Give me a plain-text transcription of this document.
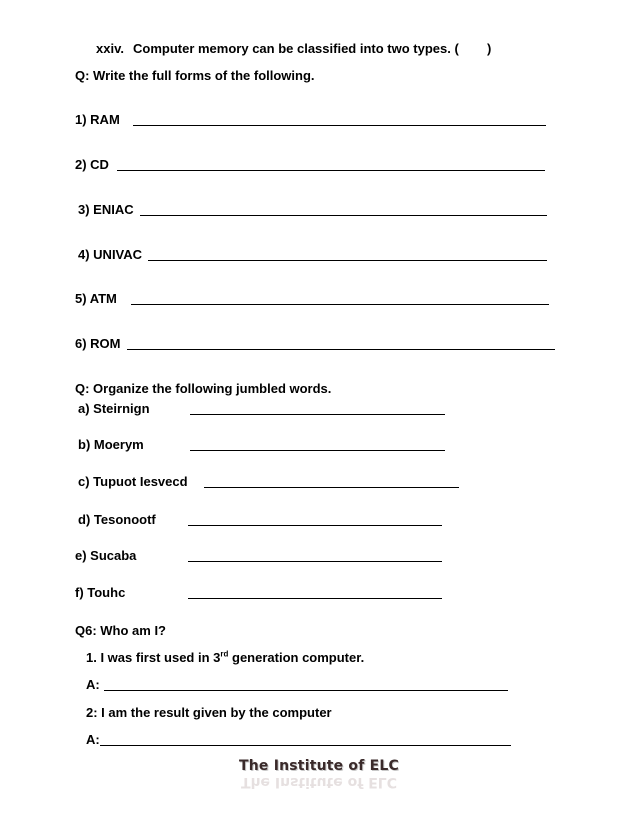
xxiv. Computer memory can be classified into two types. ( )
Q: Write the full forms of the following.
1) RAM
2) CD
3) ENIAC
4) UNIVAC
5) ATM
6) ROM
Q: Organize the following jumbled words.
a) Steirnign
b) Moerym
c) Tupuot Iesvecd
d) Tesonootf
e) Sucaba
f) Touhc
Q6: Who am I?
1. I was first used in 3rd generation computer.
A:
2: I am the result given by the computer
A:
The Institute of ELC
The Institute of ELC
